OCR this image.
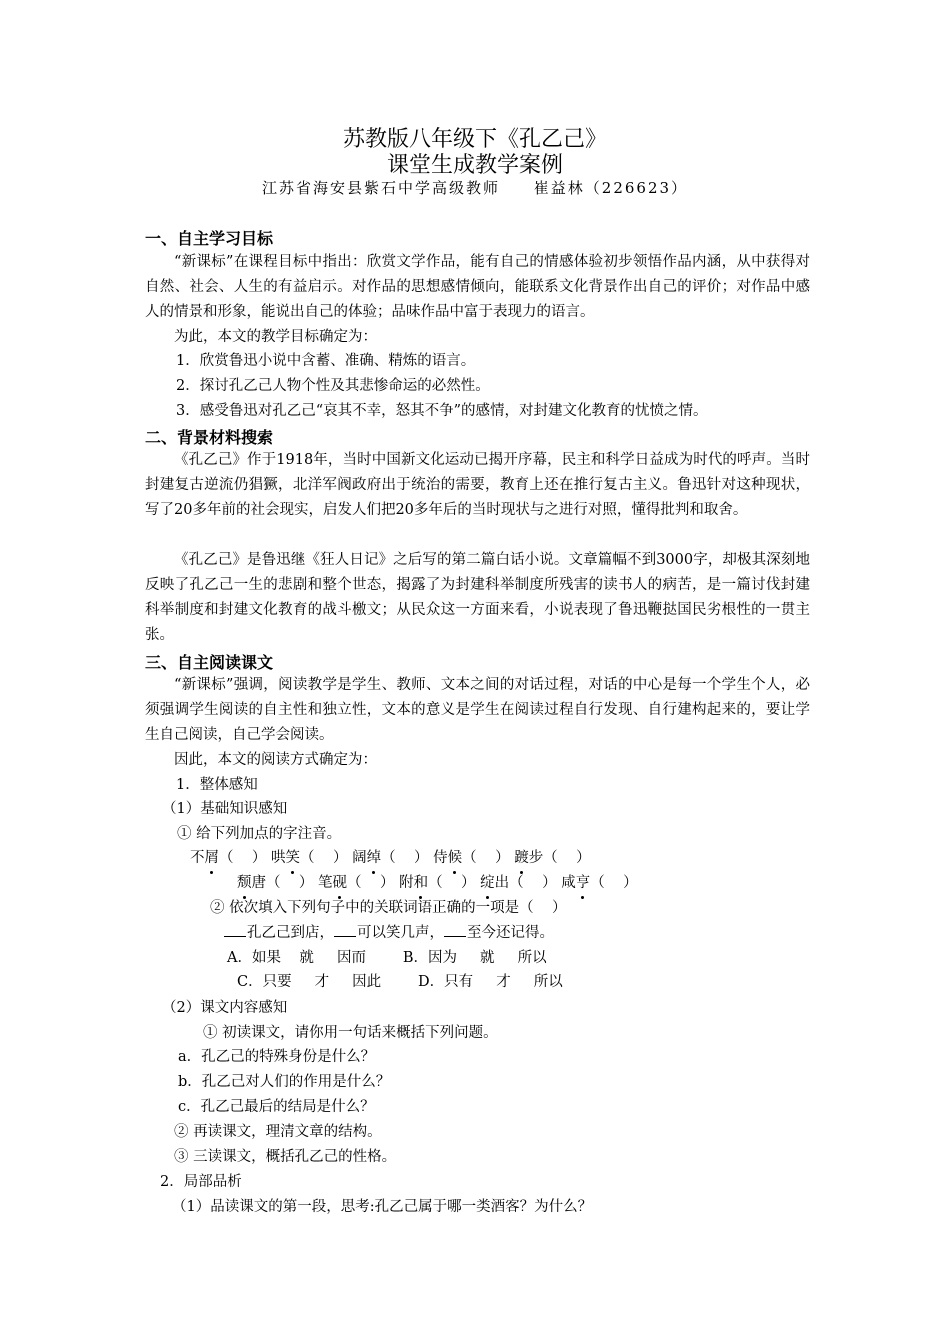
苏教版八年级下《孔乙己》
课堂生成教学案例
江苏省海安县紫石中学高级教师     崔益林（226623）
一、自主学习目标
“新课标”在课程目标中指出：欣赏文学作品，能有自己的情感体验初步领悟作品内涵，从中获得对自然、社会、人生的有益启示。对作品的思想感情倾向，能联系文化背景作出自己的评价；对作品中感人的情景和形象，能说出自己的体验；品味作品中富于表现力的语言。
为此，本文的教学目标确定为：
1．欣赏鲁迅小说中含蓄、准确、精炼的语言。
2．探讨孔乙己人物个性及其悲惨命运的必然性。
3．感受鲁迅对孔乙己“哀其不幸，怒其不争”的感情，对封建文化教育的忧愤之情。
二、背景材料搜索
《孔乙己》作于1918年，当时中国新文化运动已揭开序幕，民主和科学日益成为时代的呼声。当时封建复古逆流仍猖獗，北洋军阀政府出于统治的需要，教育上还在推行复古主义。鲁迅针对这种现状，写了20多年前的社会现实，启发人们把20多年后的当时现状与之进行对照，懂得批判和取舍。
《孔乙己》是鲁迅继《狂人日记》之后写的第二篇白话小说。文章篇幅不到3000字，却极其深刻地反映了孔乙己一生的悲剧和整个世态，揭露了为封建科举制度所残害的读书人的病苦，是一篇讨伐封建科举制度和封建文化教育的战斗檄文；从民众这一方面来看，小说表现了鲁迅鞭挞国民劣根性的一贯主张。
三、自主阅读课文
“新课标”强调，阅读教学是学生、教师、文本之间的对话过程，对话的中心是每一个学生个人，必须强调学生阅读的自主性和独立性，文本的意义是学生在阅读过程自行发现、自行建构起来的，要让学生自己阅读，自己学会阅读。
因此，本文的阅读方式确定为：
1．整体感知
（1）基础知识感知
① 给下列加点的字注音。
不屑（    ） 哄笑（    ） 阔绰（    ） 侍候（    ） 踱步（    ）
颓唐（    ） 笔砚（    ） 附和（    ） 绽出（    ） 咸亨（    ）
② 依次填入下列句子中的关联词语正确的一项是（    ）
孔乙己到店， 可以笑几声， 至今还记得。
A．如果    就     因而        B．因为     就     所以
C．只要     才     因此        D．只有     才     所以
（2）课文内容感知
① 初读课文，请你用一句话来概括下列问题。
a．孔乙己的特殊身份是什么？
b．孔乙己对人们的作用是什么？
c．孔乙己最后的结局是什么？
② 再读课文，理清文章的结构。
③ 三读课文，概括孔乙己的性格。
2．局部品析
（1）品读课文的第一段，思考:孔乙己属于哪一类酒客？为什么？
